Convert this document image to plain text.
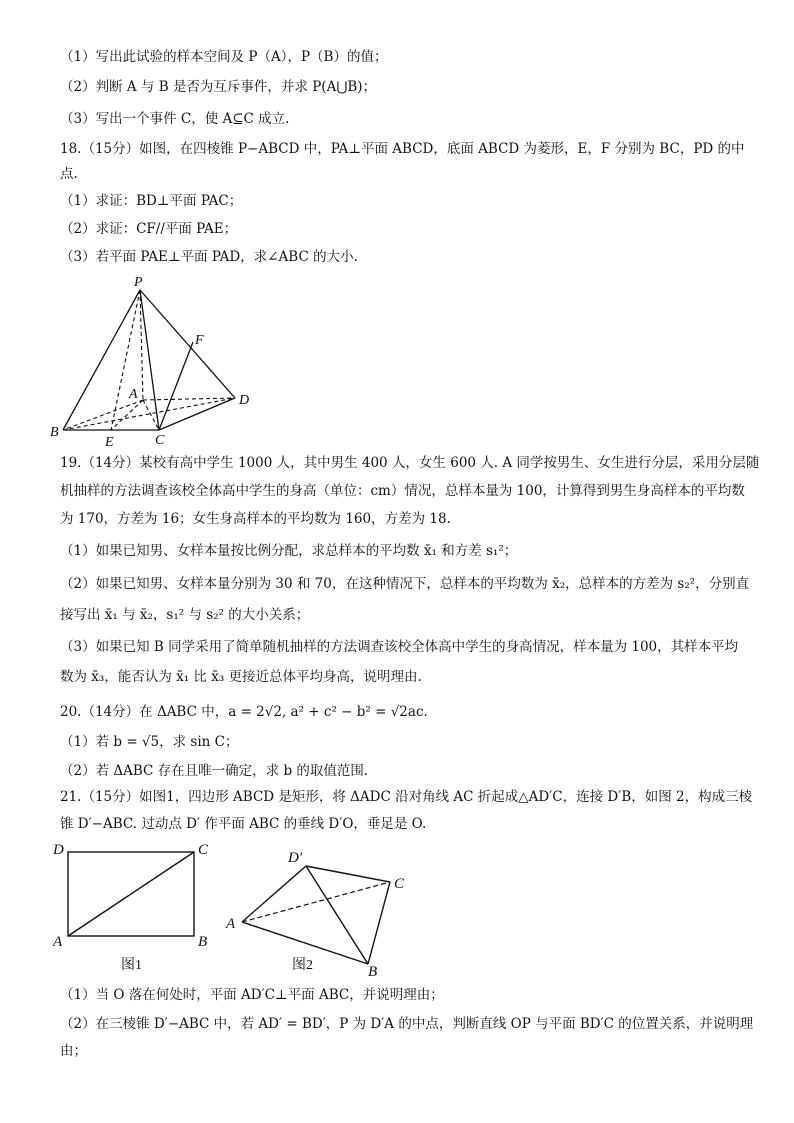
（1）写出此试验的样本空间及 P（A），P（B）的值；
（2）判断 A 与 B 是否为互斥事件，并求 P(A⋃B)；
（3）写出一个事件 C，使 A⊆C 成立.
18.（15分）如图，在四棱锥 P−ABCD 中，PA⊥平面 ABCD，底面 ABCD 为菱形，E，F 分别为 BC，PD 的中
点.
（1）求证：BD⊥平面 PAC；
（2）求证：CF//平面 PAE；
（3）若平面 PAE⊥平面 PAD，求∠ABC 的大小.
P
F
A	D
B
E	C
19.（14分）某校有高中学生 1000 人，其中男生 400 人，女生 600 人. A 同学按男生、女生进行分层，采用分层随
机抽样的方法调查该校全体高中学生的身高（单位：cm）情况，总样本量为 100，计算得到男生身高样本的平均数
为 170，方差为 16；女生身高样本的平均数为 160，方差为 18.
（1）如果已知男、女样本量按比例分配，求总样本的平均数 x̄₁ 和方差 s₁²；
（2）如果已知男、女样本量分别为 30 和 70，在这种情况下，总样本的平均数为 x̄₂，总样本的方差为 s₂²，分别直
接写出 x̄₁ 与 x̄₂，s₁² 与 s₂² 的大小关系；
（3）如果已知 B 同学采用了简单随机抽样的方法调查该校全体高中学生的身高情况，样本量为 100，其样本平均
数为 x̄₃，能否认为 x̄₁ 比 x̄₃ 更接近总体平均身高，说明理由.
20.（14分）在 ΔABC 中，a = 2√2, a² + c² − b² = √2ac.
（1）若 b = √5，求 sin C；
（2）若 ΔABC 存在且唯一确定，求 b 的取值范围.
21.（15分）如图1，四边形 ABCD 是矩形，将 ΔADC 沿对角线 AC 折起成△AD′C，连接 D′B，如图 2，构成三棱
锥 D′−ABC. 过动点 D′ 作平面 ABC 的垂线 D′O，垂足是 O.
D	C
A	B
图1
D′
C
A
B
图2
（1）当 O 落在何处时，平面 AD′C⊥平面 ABC，并说明理由；
（2）在三棱锥 D′−ABC 中，若 AD′ = BD′，P 为 D′A 的中点，判断直线 OP 与平面 BD′C 的位置关系，并说明理
由；
